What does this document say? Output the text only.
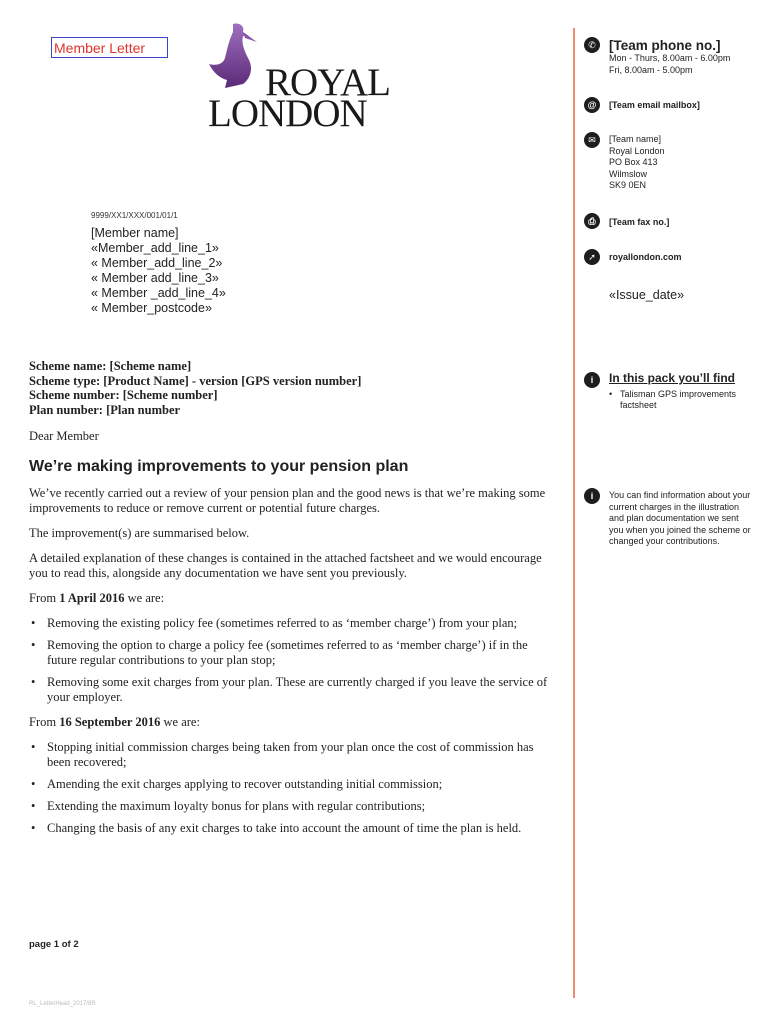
Member Letter
ROYAL
LONDON
9999/XX1/XXX/001/01/1
[Member name]
«Member_add_line_1»
« Member_add_line_2»
« Member add_line_3»
« Member _add_line_4»
« Member_postcode»
Scheme name: [Scheme name]
Scheme type: [Product Name] - version [GPS version number]
Scheme number: [Scheme number]
Plan number: [Plan number
Dear Member
We’re making improvements to your pension plan

We’ve recently carried out a review of your pension plan and the good news is that we’re making some improvements to reduce or remove current or potential future charges.

The improvement(s) are summarised below.

A detailed explanation of these changes is contained in the attached factsheet and we would encourage you to read this, alongside any documentation we have sent you previously.

From 1 April 2016 we are:

• Removing the existing policy fee (sometimes referred to as ‘member charge’) from your plan;
• Removing the option to charge a policy fee (sometimes referred to as ‘member charge’) if in the future regular contributions to your plan stop;
• Removing some exit charges from your plan. These are currently charged if you leave the service of your employer.

From 16 September 2016 we are:

• Stopping initial commission charges being taken from your plan once the cost of commission has been recovered;
• Amending the exit charges applying to recover outstanding initial commission;
• Extending the maximum loyalty bonus for plans with regular contributions;
• Changing the basis of any exit charges to take into account the amount of time the plan is held.
page 1 of 2
RL_LetterHead_2017/8R
✆ [Team phone no.]
Mon - Thurs, 8.00am - 6.00pm
Fri, 8.00am - 5.00pm
@	[Team email mailbox]
✉	[Team name]
Royal London
PO Box 413
Wilmslow
SK9 0EN
⎙	[Team fax no.]
➚	royallondon.com
«Issue_date»
i	In this pack you’ll find
• Talisman GPS improvements factsheet
i	You can find information about your current charges in the illustration and plan documentation we sent you when you joined the scheme or changed your contributions.
